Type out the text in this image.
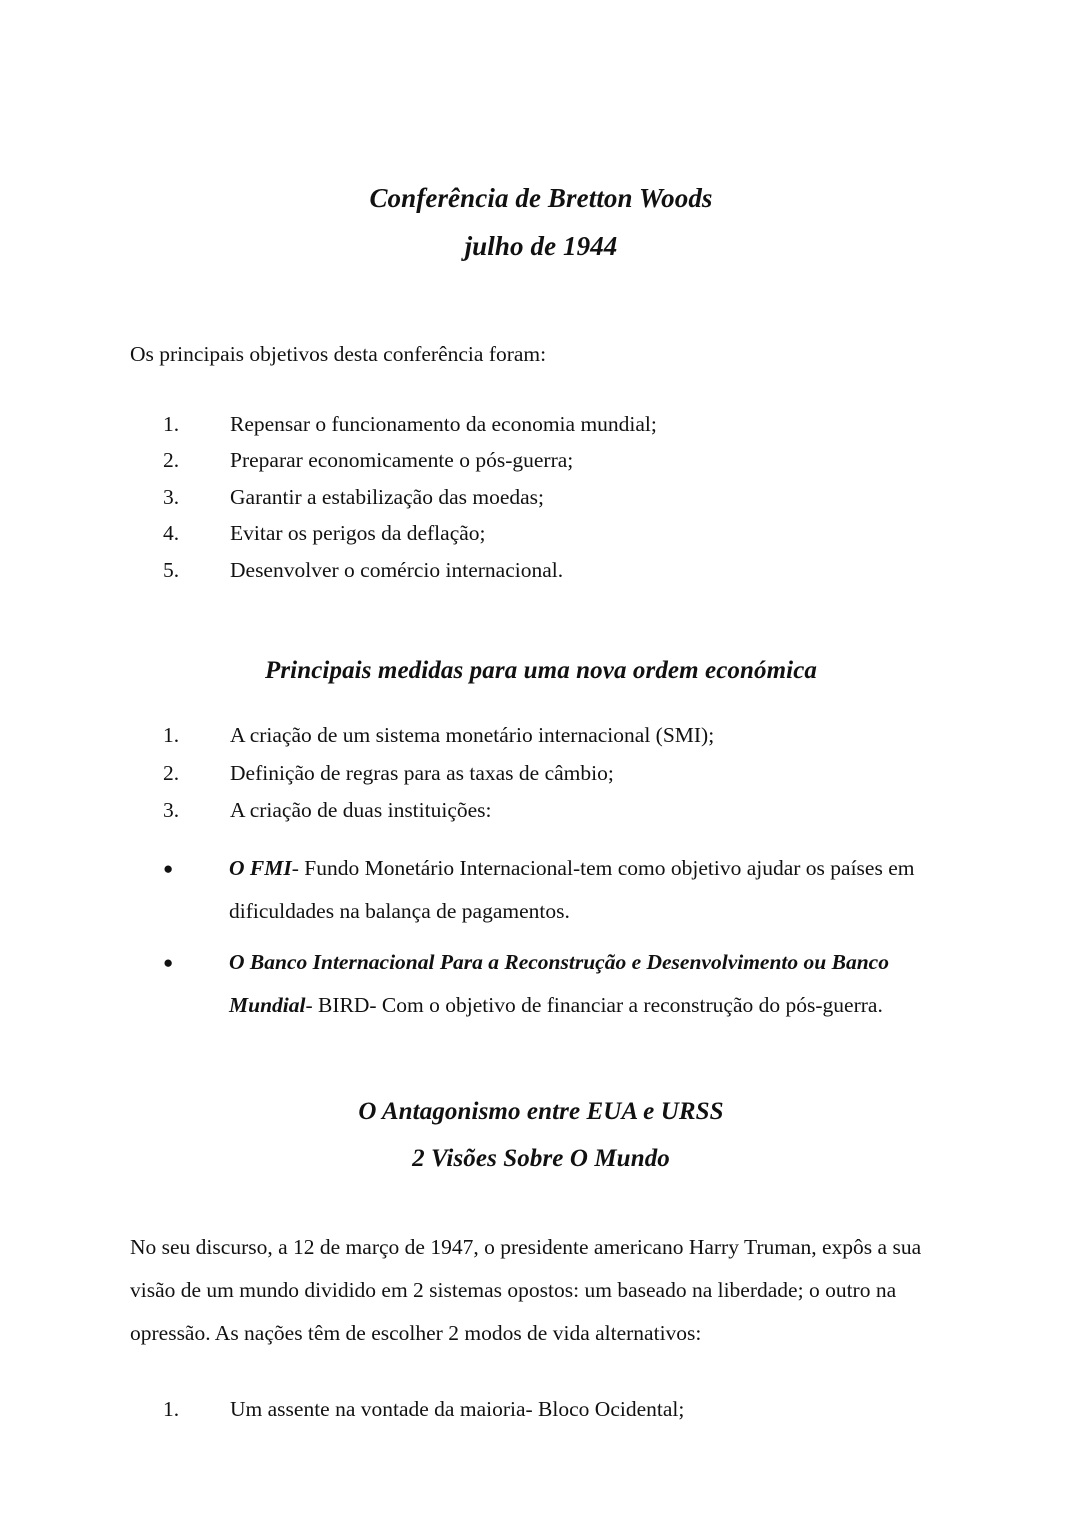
Conferência de Bretton Woods
julho de 1944

Os principais objetivos desta conferência foram:

1.	Repensar o funcionamento da economia mundial;
2.	Preparar economicamente o pós-guerra;
3.	Garantir a estabilização das moedas;
4.	Evitar os perigos da deflação;
5.	Desenvolver o comércio internacional.
Principais medidas para uma nova ordem económica
1.	A criação de um sistema monetário internacional (SMI);
2.	Definição de regras para as taxas de câmbio;
3.	A criação de duas instituições:
●	O FMI- Fundo Monetário Internacional-tem como objetivo ajudar os países em dificuldades na balança de pagamentos.
●	O Banco Internacional Para a Reconstrução e Desenvolvimento ou Banco Mundial- BIRD- Com o objetivo de financiar a reconstrução do pós-guerra.
O Antagonismo entre EUA e URSS
2 Visões Sobre O Mundo

No seu discurso, a 12 de março de 1947, o presidente americano Harry Truman, expôs a sua visão de um mundo dividido em 2 sistemas opostos: um baseado na liberdade; o outro na opressão. As nações têm de escolher 2 modos de vida alternativos:

1.	Um assente na vontade da maioria- Bloco Ocidental;
